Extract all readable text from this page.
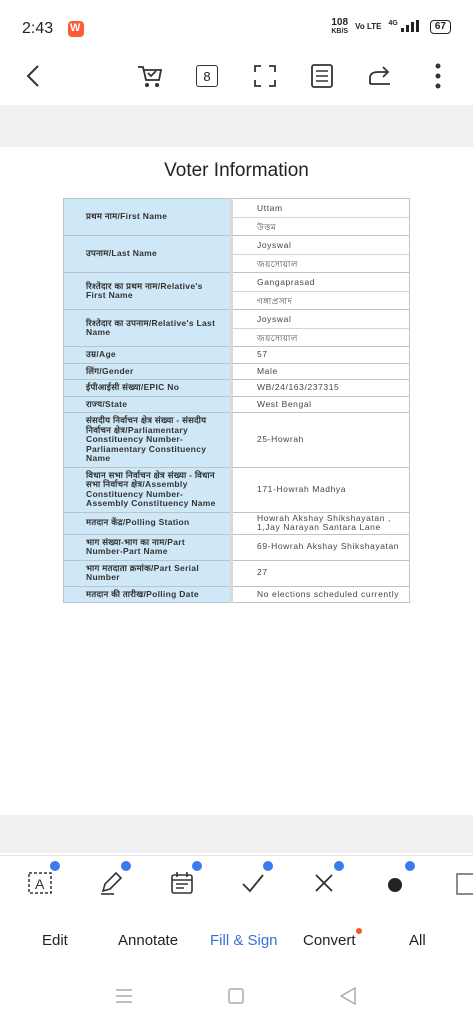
2:43 W	108
KB/S
Vo LTE $^{4G}$	67
8
Voter Information
प्रथम नाम/First Name	Uttam
উত্তম

उपनाम/Last Name	Joyswal
জয়সোয়াল

रिश्तेदार का प्रथम नाम/Relative's First Name	Gangaprasad
গঙ্গাপ্রসাদ

रिश्तेदार का उपनाम/Relative's Last Name	Joyswal
জয়সোয়াল

उम्र/Age	57
लिंग/Gender	Male
ईपीआईसी संख्या/EPIC No	WB/24/163/237315
राज्य/State	West Bengal
संसदीय निर्वाचन क्षेत्र संख्या - संसदीय निर्वाचन क्षेत्र/Parliamentary Constituency Number-Parliamentary Constituency Name	25-Howrah
विधान सभा निर्वाचन क्षेत्र संख्या - विधान सभा निर्वाचन क्षेत्र/Assembly Constituency Number-Assembly Constituency Name	171-Howrah Madhya
मतदान केंद्र/Polling Station	Howrah Akshay Shikshayatan , 1,Jay Narayan Santara Lane
भाग संख्या-भाग का नाम/Part Number-Part Name	69-Howrah Akshay Shikshayatan
भाग मतदाता क्रमांक/Part Serial Number	27
मतदान की तारीख/Polling Date	No elections scheduled currently
A
Edit	Annotate Fill & Sign Convert	All
